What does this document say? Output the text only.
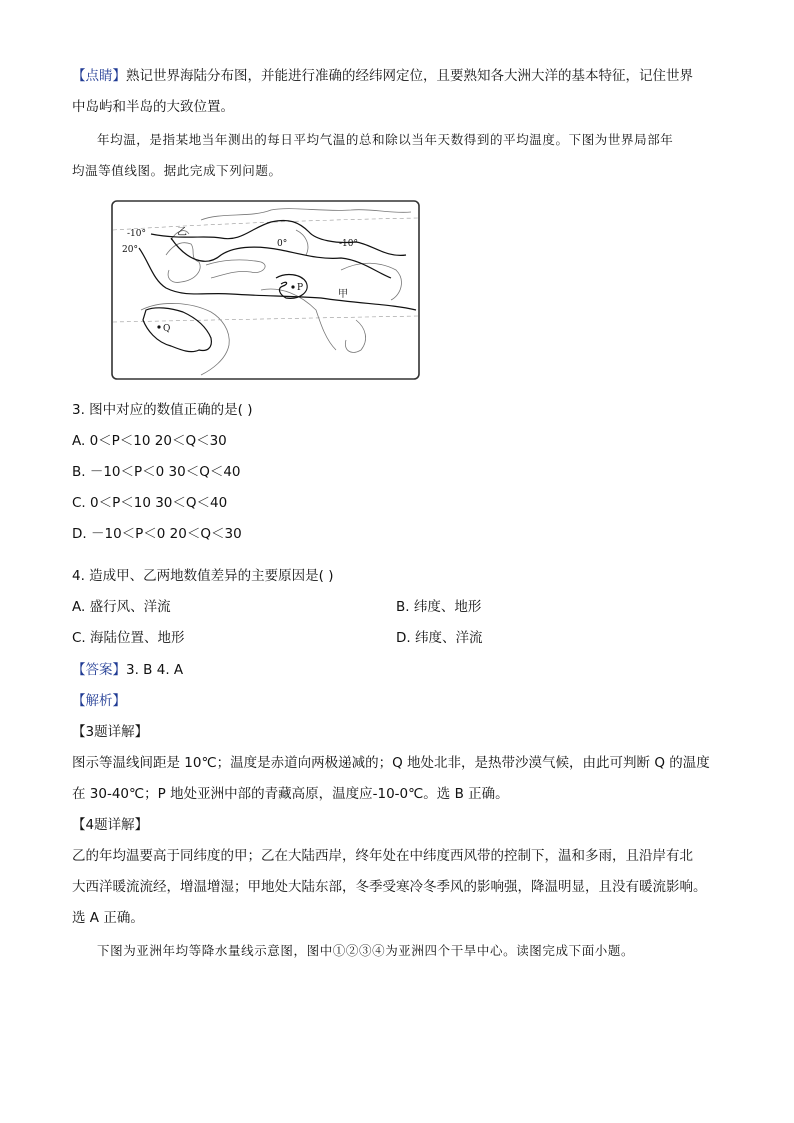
【点睛】熟记世界海陆分布图，并能进行准确的经纬网定位，且要熟知各大洲大洋的基本特征，记住世界
中岛屿和半岛的大致位置。
年均温，是指某地当年测出的每日平均气温的总和除以当年天数得到的平均温度。下图为世界局部年
均温等值线图。据此完成下列问题。
-10°
0°	-10°
20°
乙
甲
P
Q
3. 图中对应的数值正确的是( )
A. 0＜P＜10 20＜Q＜30
B. －10＜P＜0 30＜Q＜40
C. 0＜P＜10 30＜Q＜40
D. －10＜P＜0 20＜Q＜30
4. 造成甲、乙两地数值差异的主要原因是( )
A. 盛行风、洋流	B. 纬度、地形
C. 海陆位置、地形	D. 纬度、洋流
【答案】3. B 4. A
【解析】
【3题详解】
图示等温线间距是 10℃；温度是赤道向两极递减的；Q 地处北非，是热带沙漠气候，由此可判断 Q 的温度
在 30-40℃；P 地处亚洲中部的青藏高原，温度应-10-0℃。选 B 正确。
【4题详解】
乙的年均温要高于同纬度的甲；乙在大陆西岸，终年处在中纬度西风带的控制下，温和多雨，且沿岸有北
大西洋暖流流经，增温增湿；甲地处大陆东部，冬季受寒冷冬季风的影响强，降温明显，且没有暖流影响。
选 A 正确。
下图为亚洲年均等降水量线示意图，图中①②③④为亚洲四个干旱中心。读图完成下面小题。
